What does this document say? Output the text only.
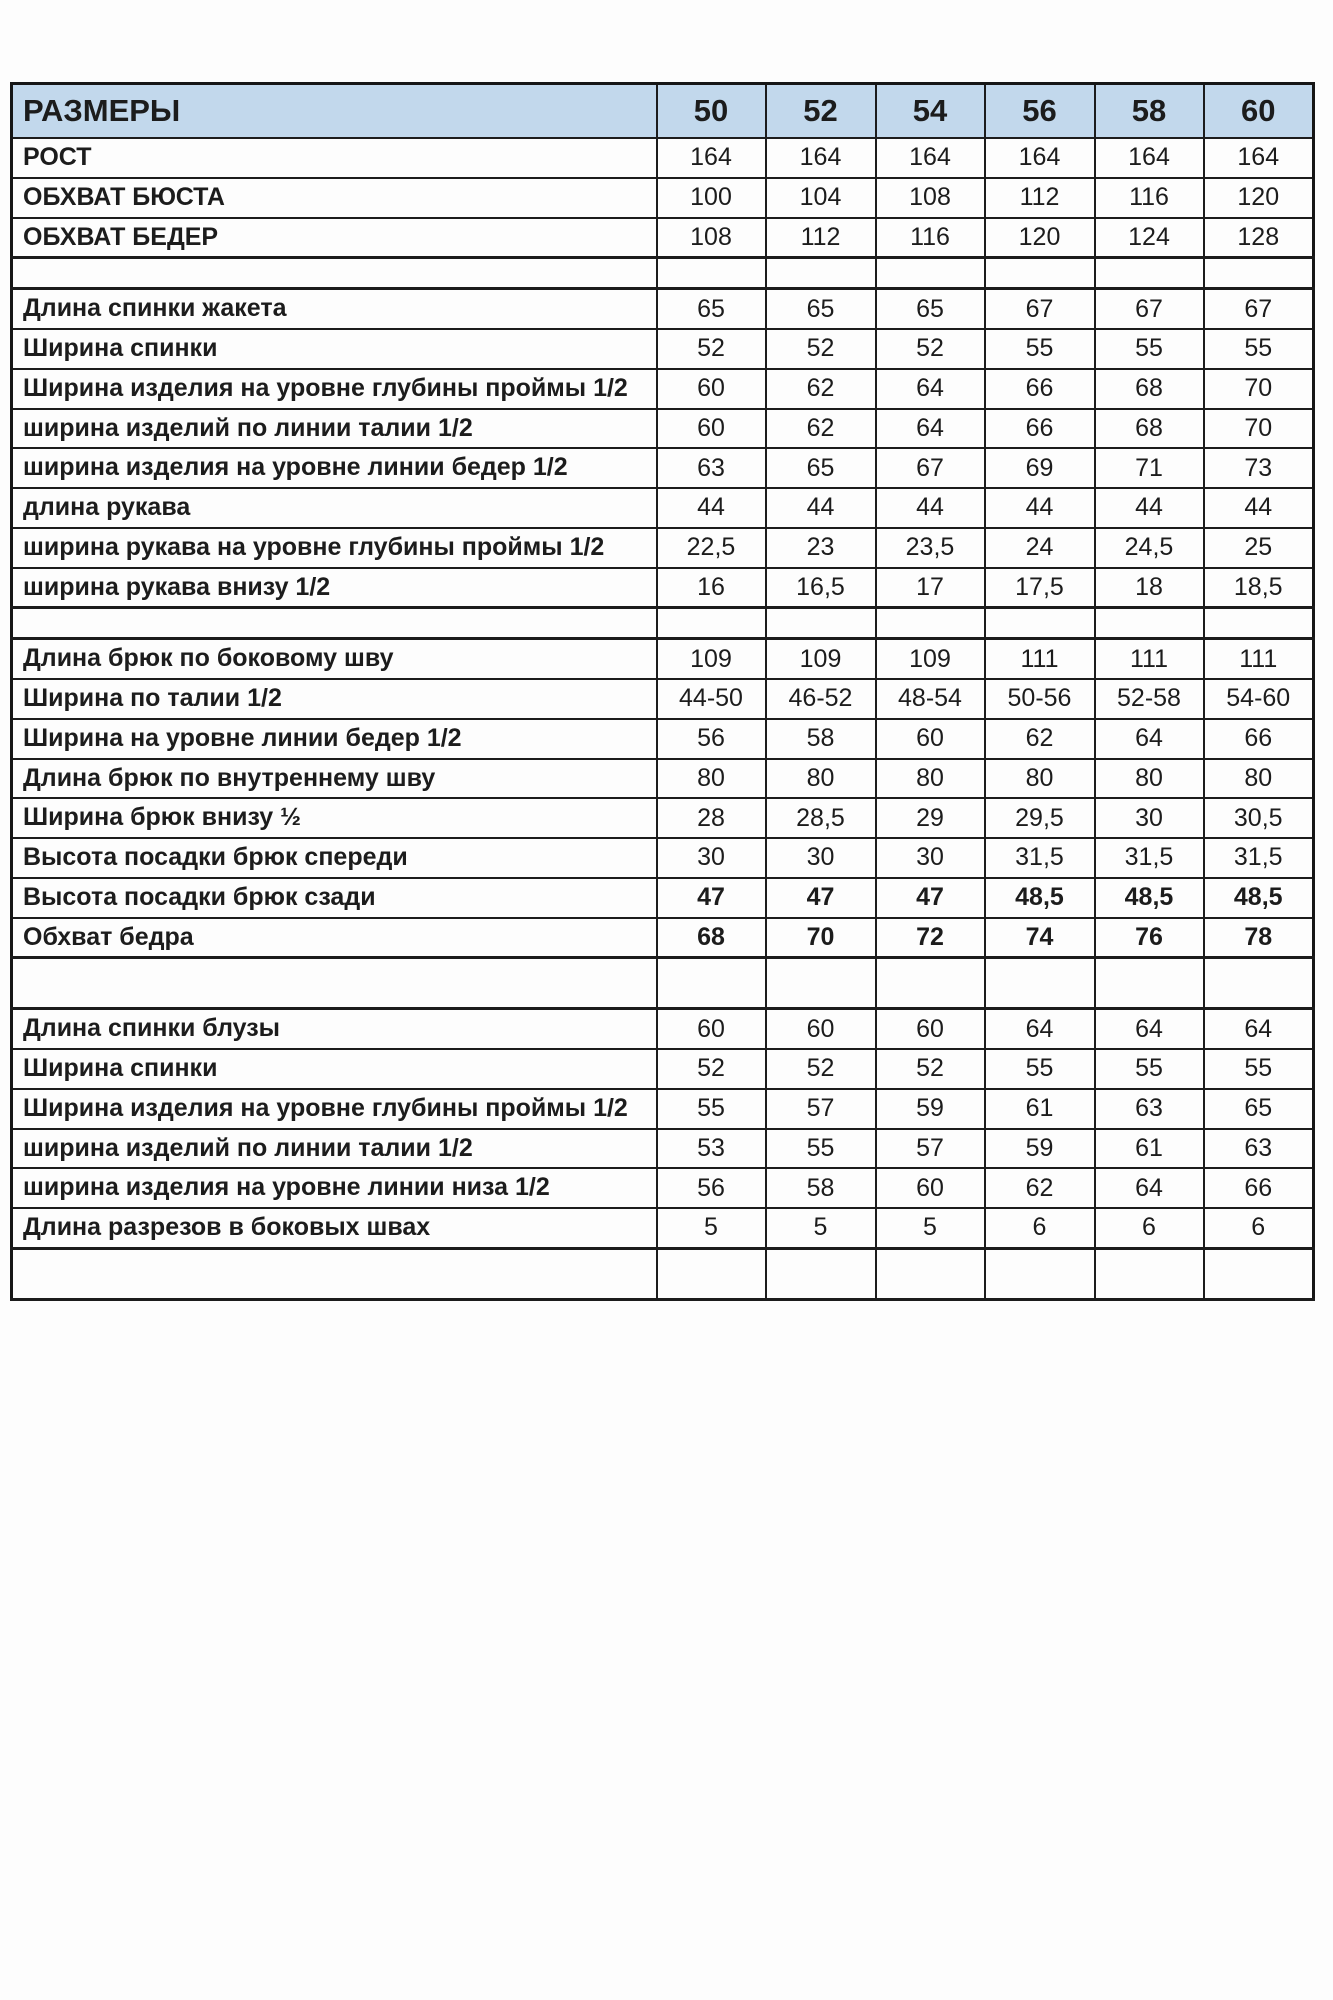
РАЗМЕРЫ	50	52	54	56	58	60
РОСТ	164	164	164	164	164	164
ОБХВАТ БЮСТА	100	104	108	112	116	120
ОБХВАТ БЕДЕР	108	112	116	120	124	128

Длина спинки жакета	65	65	65	67	67	67
Ширина спинки	52	52	52	55	55	55
Ширина изделия на уровне глубины проймы 1/2	60	62	64	66	68	70
ширина изделий по линии талии 1/2	60	62	64	66	68	70
ширина изделия на уровне линии бедер 1/2	63	65	67	69	71	73
длина рукава	44	44	44	44	44	44
ширина рукава на уровне глубины проймы 1/2	22,5	23	23,5	24	24,5	25
ширина рукава внизу 1/2	16	16,5	17	17,5	18	18,5

Длина брюк по боковому шву	109	109	109	111	111	111
Ширина по талии 1/2	44-50	46-52	48-54	50-56	52-58	54-60
Ширина на уровне линии бедер 1/2	56	58	60	62	64	66
Длина брюк по внутреннему шву	80	80	80	80	80	80
Ширина брюк внизу ½	28	28,5	29	29,5	30	30,5
Высота посадки брюк спереди	30	30	30	31,5	31,5	31,5
Высота посадки брюк сзади	47	47	47	48,5	48,5	48,5
Обхват бедра	68	70	72	74	76	78

Длина спинки блузы	60	60	60	64	64	64
Ширина спинки	52	52	52	55	55	55
Ширина изделия на уровне глубины проймы 1/2	55	57	59	61	63	65
ширина изделий по линии талии 1/2	53	55	57	59	61	63
ширина изделия на уровне линии низа 1/2	56	58	60	62	64	66
Длина разрезов в боковых швах	5	5	5	6	6	6
